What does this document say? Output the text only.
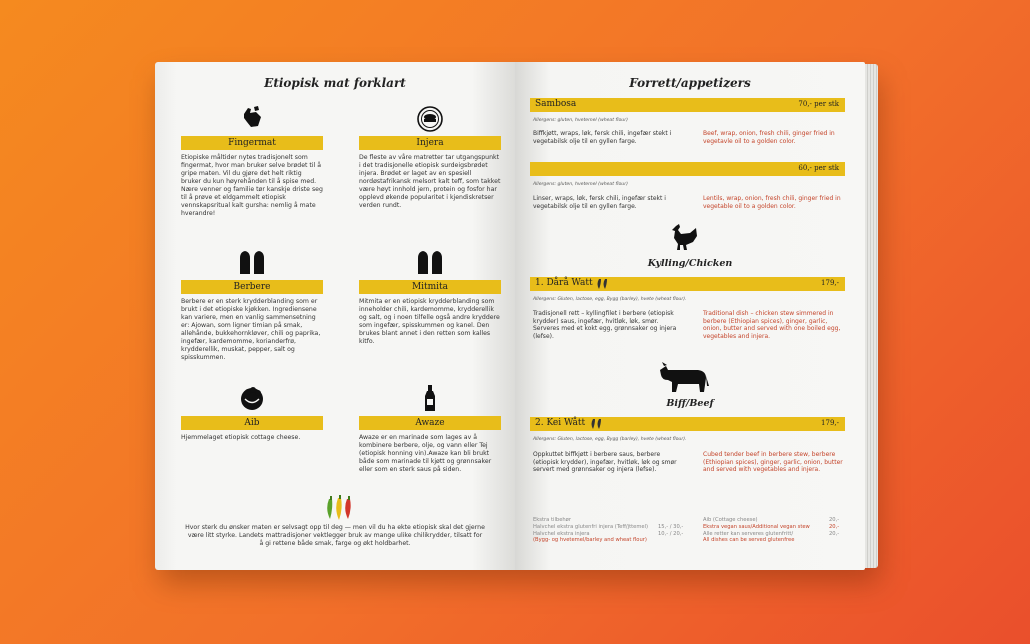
Etiopisk mat forklart
Fingermat
Etiopiske måltider nytes tradisjonelt som fingermat, hvor man bruker selve brødet til å gripe maten. Vil du gjøre det helt riktig bruker du kun høyrehånden til å spise med. Nære venner og familie tør kanskje driste seg til å prøve et eldgammelt etiopisk vennskapsritual kalt gursha: nemlig å mate hverandre!
Injera
De fleste av våre matretter tar utgangspunkt i det tradisjonelle etiopisk surdeigsbrødet injera. Brødet er laget av en spesiell nordøstafrikansk melsort kalt teff, som takket være høyt innhold jern, protein og fosfor har opplevd økende popularitet i kjendiskretser verden rundt.
Berbere
Berbere er en sterk krydderblanding som er brukt i det etiopiske kjøkken. Ingrediensene kan variere, men en vanlig sammensetning er: Ajowan, som ligner timian på smak, allehånde, bukkehornkløver, chili og paprika, ingefær, kardemomme, korianderfrø, krydderellik, muskat, pepper, salt og spisskummen.
Mitmita
Mitmita er en etiopisk krydderblanding som inneholder chili, kardemomme, krydderellik og salt, og i noen tilfelle også andre kryddere som ingefær, spisskummen og kanel. Den brukes blant annet i den retten som kalles kitfo.
Aib
Hjemmelaget etiopisk cottage cheese.
Awaze
Awaze er en marinade som lages av å kombinere berbere, olje, og vann eller Tej (etiopisk honning vin).Awaze kan bli brukt både som marinade til kjøtt og grønnsaker eller som en sterk saus på siden.
Hvor sterk du ønsker maten er selvsagt opp til deg — men vil du ha ekte etiopisk skal det gjerne være litt styrke. Landets mattradisjoner vektlegger bruk av mange ulike chilikrydder, tilsatt for å gi rettene både smak, farge og økt holdbarhet.
Forrett/appetizers
Sambosa	70,- per stk
Allergens: gluten, hvetemel (wheat flour)
Biffkjøtt, wraps, løk, fersk chili, ingefær stekt i vegetabilsk olje til en gyllen farge.
Beef, wrap, onion, fresh chili, ginger fried in vegetavle oil to a golden color.
60,- per stk
Allergens: gluten, hvetemel (wheat flour)
Linser, wraps, løk, fersk chili, ingefær stekt i vegetabilsk olje til en gyllen farge.
Lentils, wrap, onion, fresh chili, ginger fried in vegetable oil to a golden color.
Kylling/Chicken
1. Dårå Watt	179,-
Allergens: Gluten, lactose, egg, Bygg (barley), hvete (wheat flour).
Tradisjonell rett – kyllingfilet i berbere (etiopisk krydder) saus, ingefær, hvitløk, løk, smør. Serveres med et kokt egg, grønnsaker og injera (lefse).
Traditional dish – chicken stew simmered in berbere (Ethiopian spices), ginger, garlic, onion, butter and served with one boiled egg, vegetables and injera.
Biff/Beef
2. Kei Wått	179,-
Allergens: Gluten, lactose, egg, Bygg (barley), hvete (wheat flour).
Oppkuttet biffkjøtt i berbere saus, berbere (etiopisk krydder), ingefær, hvitløk, løk og smør servert med grønnsaker og injera (lefse).
Cubed tender beef in berbere stew, berbere (Ethiopian spices), ginger, garlic, onion, butter and served with vegetables and injera.
Ekstra tilbehør
Halvchel ekstra glutenfri injera (Teff/jttemel) 15,- / 30,-
Halvchel ekstra injera	10,- / 20,-
(Bygg- og hvetemel/barley and wheat flour)
Aib (Cottage cheese)	20,-
Ekstra vegan saus/Additional vegan stew	20,-
Alle retter kan serveres glutenfritt/	20,-
All dishes can be served glutenfree
